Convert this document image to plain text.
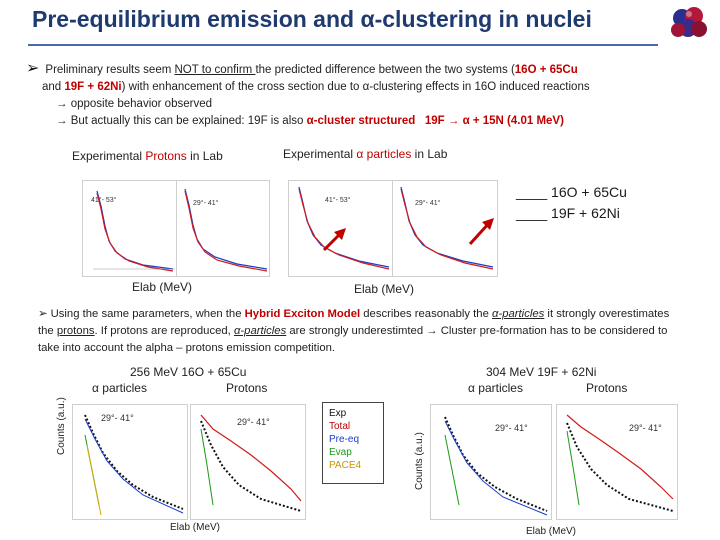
Pre-equilibrium emission and α-clustering in nuclei
➢ Preliminary results seem NOT to confirm the predicted difference between the two systems (16O + 65Cu
and 19F + 62Ni) with enhancement of the cross section due to α-clustering effects in 16O induced reactions
→ opposite behavior observed
→ But actually this can be explained: 19F is also α-cluster structured 19F → α + 15N (4.01 MeV)
Experimental Protons in Lab	Experimental α particles in Lab
41°- 53°	29°- 41°	41°- 53°	29°- 41°
____ 16O + 65Cu
____ 19F + 62Ni
Elab (MeV)	Elab (MeV)
➢ Using the same parameters, when the Hybrid Exciton Model describes reasonably the α-particles it strongly overestimates the protons. If protons are reproduced, α-particles are strongly underestimted → Cluster pre-formation has to be considered to take into account the alpha – protons emission competition.
256 MeV 16O + 65Cu
α particles	Protons
Counts (a.u.)	29°- 41°	29°- 41°
Elab (MeV)
Exp
Total
Pre-eq
Evap
PACE4
304 MeV 19F + 62Ni
α particles	Protons
Counts (a.u.)
29°- 41°	29°- 41°
Elab (MeV)
